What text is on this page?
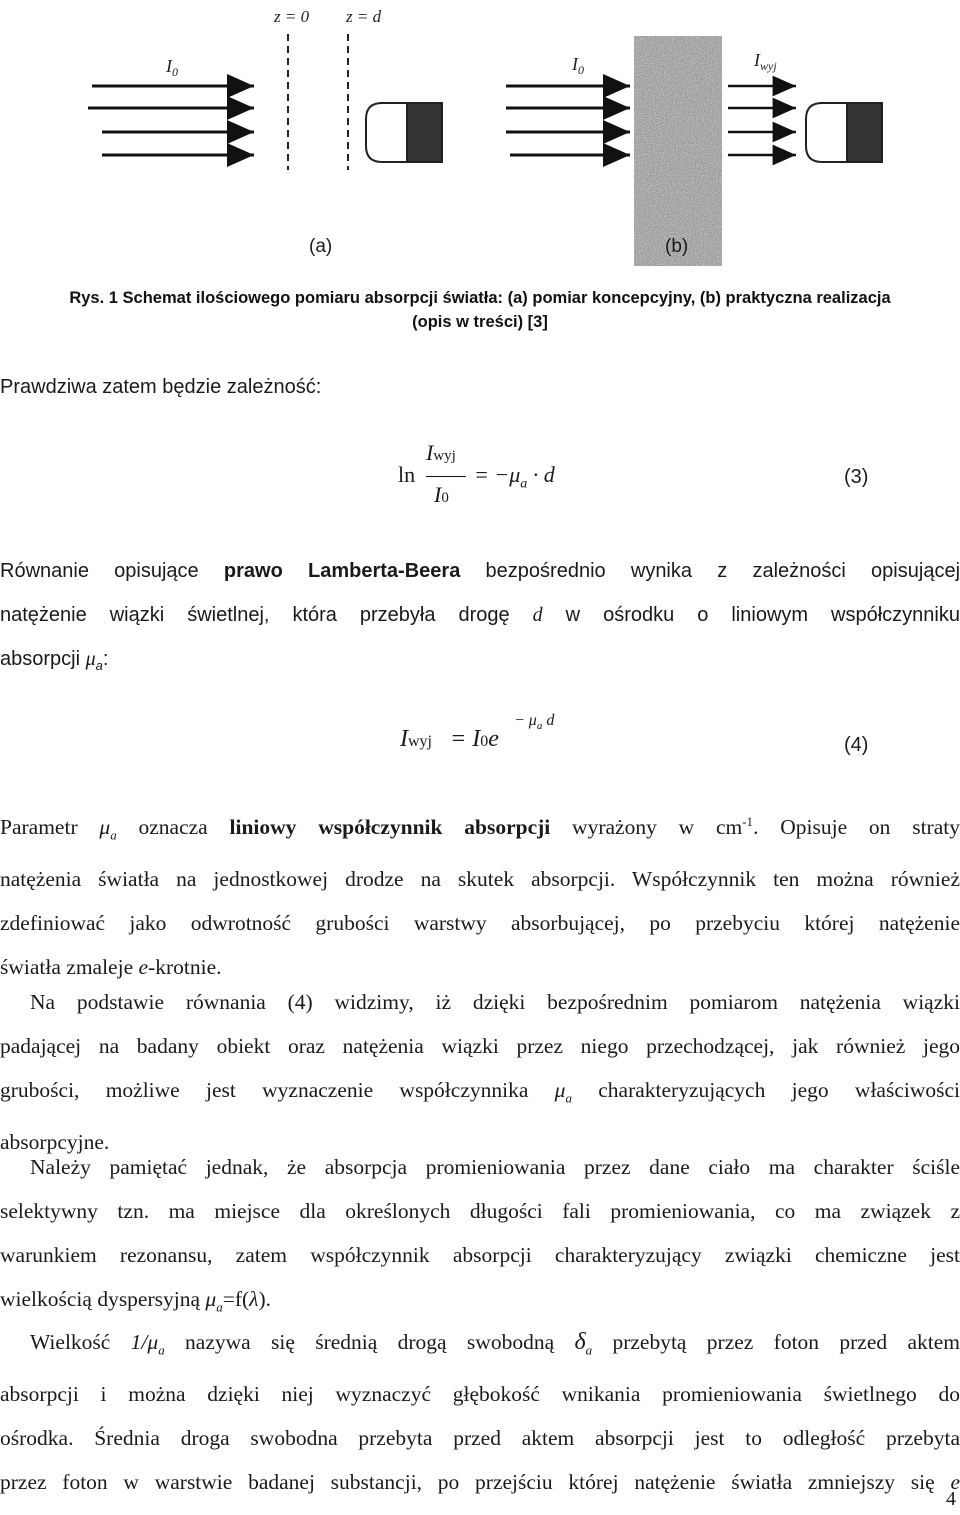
z = 0 z = d
$I_0$	$I_0$	$I_{wyj}$
(a)	(b)
Rys. 1 Schemat ilościowego pomiaru absorpcji światła: (a) pomiar koncepcyjny, (b) praktyczna realizacja
(opis w treści) [3]
Prawdziwa zatem będzie zależność:
ln
Iwyj
I0
= $-\mu_a \cdot d$	(3)
Równanie opisujące prawo Lamberta-Beera bezpośrednio wynika z zależności opisującej
natężenie wiązki świetlnej, która przebyła drogę d w ośrodku o liniowym współczynniku
absorpcji $\mu_a$:
Iwyj = I0e
− $\mu_a$ d
(4)
Parametr $\mu_a$ oznacza liniowy współczynnik absorpcji wyrażony w $cm^{-1}$. Opisuje on straty
natężenia światła na jednostkowej drodze na skutek absorpcji. Współczynnik ten można również
zdefiniować jako odwrotność grubości warstwy absorbującej, po przebyciu której natężenie
światła zmaleje e-krotnie.
Na podstawie równania (4) widzimy, iż dzięki bezpośrednim pomiarom natężenia wiązki
padającej na badany obiekt oraz natężenia wiązki przez niego przechodzącej, jak również jego
grubości, możliwe jest wyznaczenie współczynnika $\mu_a$ charakteryzujących jego właściwości
absorpcyjne.
Należy pamiętać jednak, że absorpcja promieniowania przez dane ciało ma charakter ściśle
selektywny tzn. ma miejsce dla określonych długości fali promieniowania, co ma związek z
warunkiem rezonansu, zatem współczynnik absorpcji charakteryzujący związki chemiczne jest
wielkością dyspersyjną $\mu_a=f(\lambda)$.
Wielkość $1/\mu_a$ nazywa się średnią drogą swobodną $\delta_a$ przebytą przez foton przed aktem
absorpcji i można dzięki niej wyznaczyć głębokość wnikania promieniowania świetlnego do
ośrodka. Średnia droga swobodna przebyta przed aktem absorpcji jest to odległość przebyta
przez foton w warstwie badanej substancji, po przejściu której natężenie światła zmniejszy się e
4
